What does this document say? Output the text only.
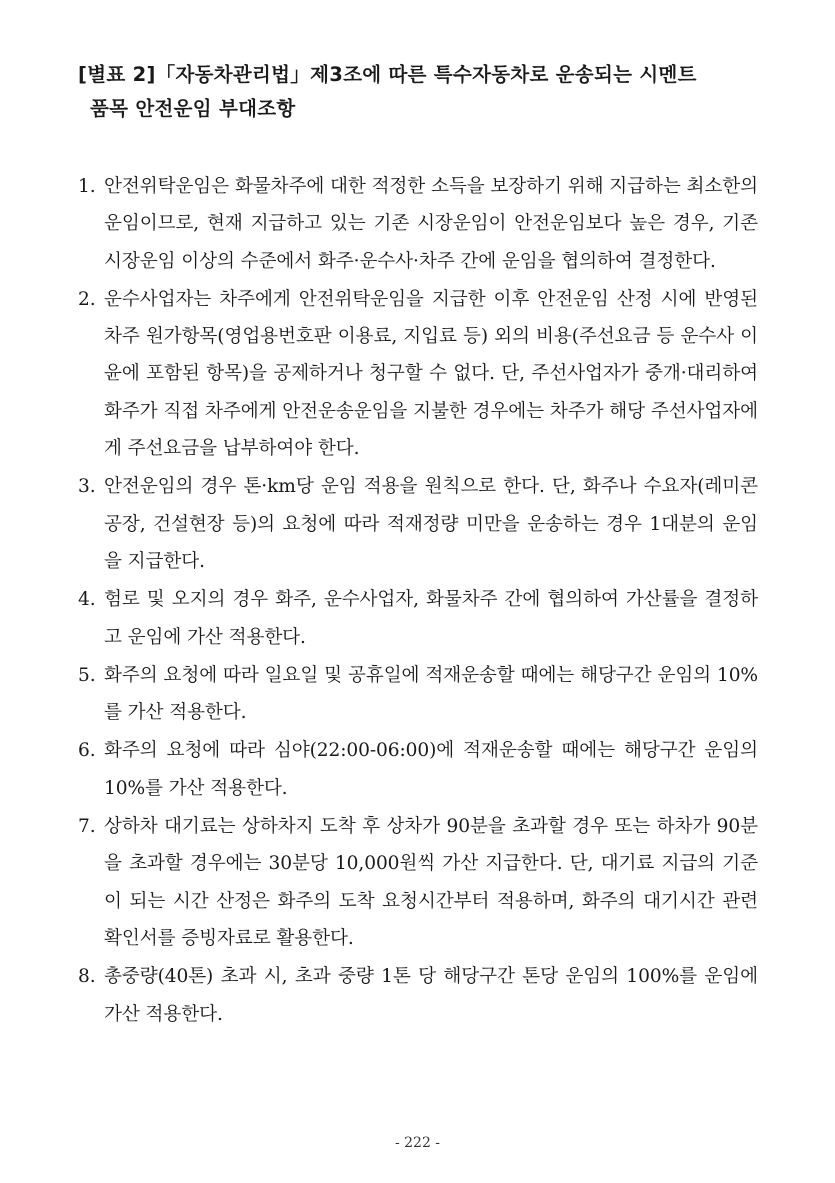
[별표 2]「자동차관리법」제3조에 따른 특수자동차로 운송되는 시멘트
품목 안전운임 부대조항
1. 안전위탁운임은 화물차주에 대한 적정한 소득을 보장하기 위해 지급하는 최소한의 운임이므로, 현재 지급하고 있는 기존 시장운임이 안전운임보다 높은 경우, 기존 시장운임 이상의 수준에서 화주·운수사·차주 간에 운임을 협의하여 결정한다.
2. 운수사업자는 차주에게 안전위탁운임을 지급한 이후 안전운임 산정 시에 반영된 차주 원가항목(영업용번호판 이용료, 지입료 등) 외의 비용(주선요금 등 운수사 이윤에 포함된 항목)을 공제하거나 청구할 수 없다. 단, 주선사업자가 중개·대리하여 화주가 직접 차주에게 안전운송운임을 지불한 경우에는 차주가 해당 주선사업자에게 주선요금을 납부하여야 한다.
3. 안전운임의 경우 톤·km당 운임 적용을 원칙으로 한다. 단, 화주나 수요자(레미콘 공장, 건설현장 등)의 요청에 따라 적재정량 미만을 운송하는 경우 1대분의 운임을 지급한다.
4. 험로 및 오지의 경우 화주, 운수사업자, 화물차주 간에 협의하여 가산률을 결정하고 운임에 가산 적용한다.
5. 화주의 요청에 따라 일요일 및 공휴일에 적재운송할 때에는 해당구간 운임의 10%를 가산 적용한다.
6. 화주의 요청에 따라 심야(22:00-06:00)에 적재운송할 때에는 해당구간 운임의 10%를 가산 적용한다.
7. 상하차 대기료는 상하차지 도착 후 상차가 90분을 초과할 경우 또는 하차가 90분을 초과할 경우에는 30분당 10,000원씩 가산 지급한다. 단, 대기료 지급의 기준이 되는 시간 산정은 화주의 도착 요청시간부터 적용하며, 화주의 대기시간 관련 확인서를 증빙자료로 활용한다.
8. 총중량(40톤) 초과 시, 초과 중량 1톤 당 해당구간 톤당 운임의 100%를 운임에 가산 적용한다.
- 222 -
